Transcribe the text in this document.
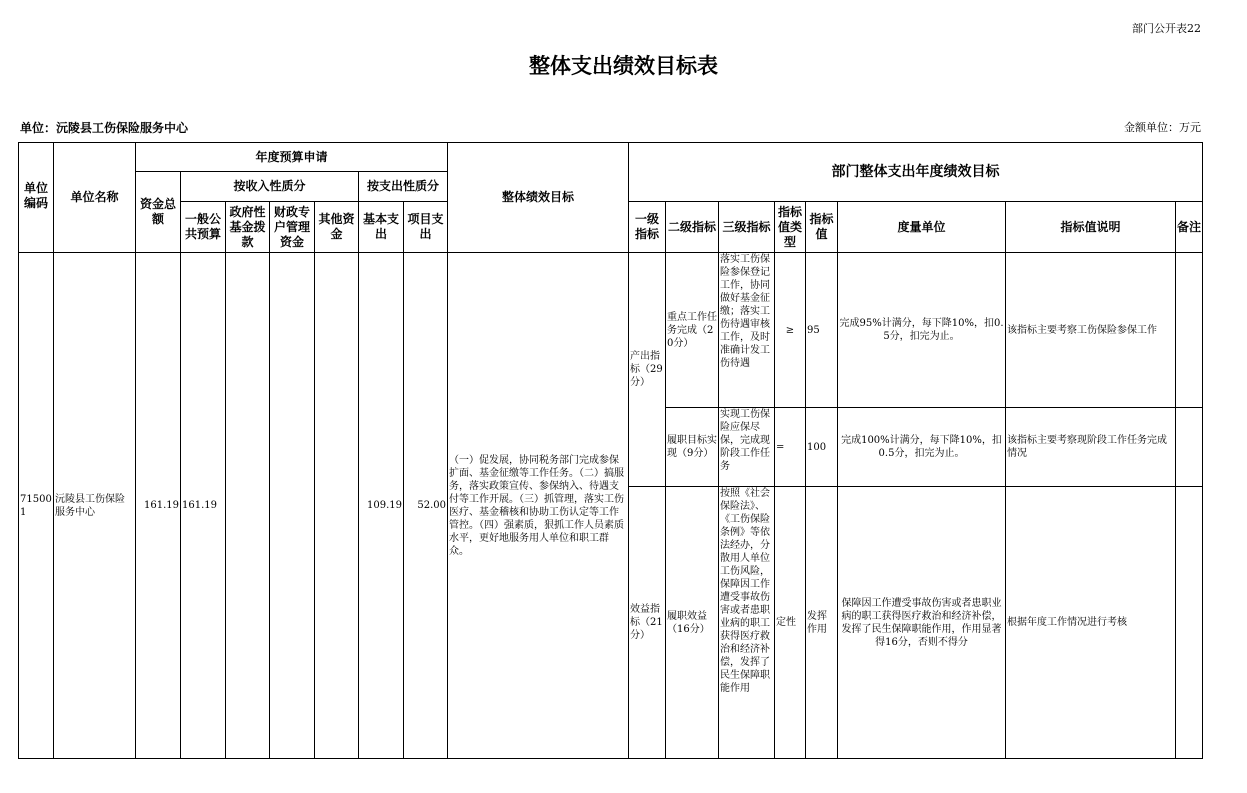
部门公开表22
整体支出绩效目标表
单位：沅陵县工伤保险服务中心	金额单位：万元
单位编码	单位名称	年度预算申请							整体绩效目标	部门整体支出年度绩效目标							
		资金总额	按收入性质分				按支出性质分										
			一般公共预算	政府性基金拨款	财政专户管理资金	其他资金	基本支出	项目支出		一级指标	二级指标	三级指标	指标值类型	指标值	度量单位	指标值说明	备注
715001	沅陵县工伤保险服务中心	161.19	161.19				109.19	52.00	（一）促发展，协同税务部门完成参保扩面、基金征缴等工作任务。（二）搞服务，落实政策宣传、参保纳入、待遇支付等工作开展。（三）抓管理，落实工伤医疗、基金稽核和协助工伤认定等工作管控。（四）强素质，狠抓工作人员素质水平，更好地服务用人单位和职工群众。	产出指标（29分）	重点工作任务完成（20分）	落实工伤保险参保登记工作，协同做好基金征缴；落实工伤待遇审核工作，及时准确计发工伤待遇	≥	95	完成95%计满分，每下降10%，扣0.5分，扣完为止。	该指标主要考察工伤保险参保工作	
											履职目标实现（9分）	实现工伤保险应保尽保，完成现阶段工作任务	=	100	完成100%计满分，每下降10%，扣0.5分，扣完为止。	该指标主要考察现阶段工作任务完成情况	
										效益指标（21分）	履职效益（16分）	按照《社会保险法》、《工伤保险条例》等依法经办，分散用人单位工伤风险，保障因工作遭受事故伤害或者患职业病的职工获得医疗救治和经济补偿，发挥了民生保障职能作用	定性	发挥作用	保障因工作遭受事故伤害或者患职业病的职工获得医疗救治和经济补偿，发挥了民生保障职能作用，作用显著得16分，否则不得分	根据年度工作情况进行考核	
